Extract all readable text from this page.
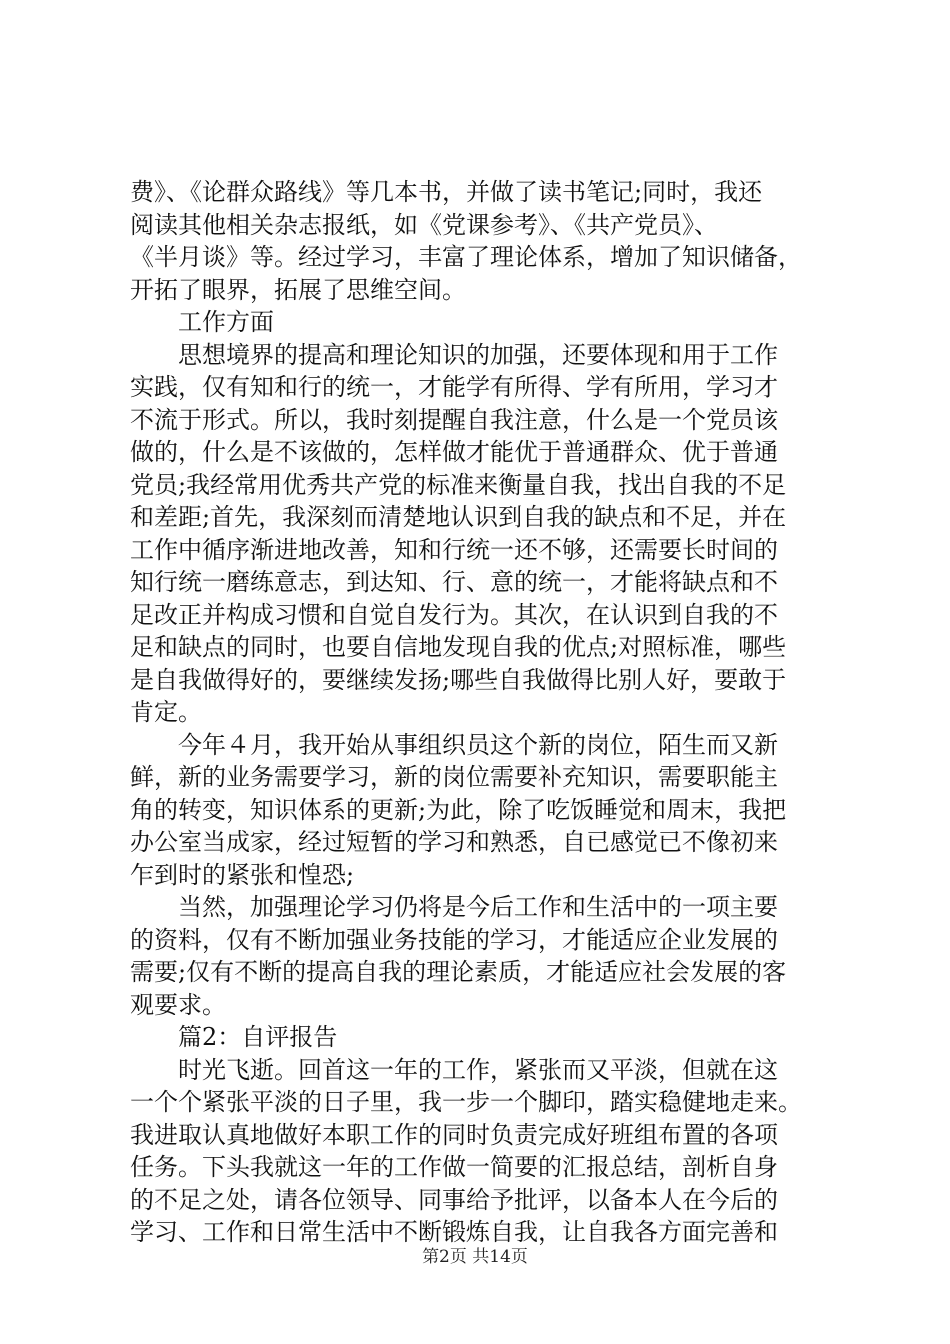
费》、《论群众路线》等几本书，并做了读书笔记;同时，我还
阅读其他相关杂志报纸，如《党课参考》、《共产党员》、
《半月谈》等。经过学习，丰富了理论体系，增加了知识储备，
开拓了眼界，拓展了思维空间。
工作方面
思想境界的提高和理论知识的加强，还要体现和用于工作
实践，仅有知和行的统一，才能学有所得、学有所用，学习才
不流于形式。所以，我时刻提醒自我注意，什么是一个党员该
做的，什么是不该做的，怎样做才能优于普通群众、优于普通
党员;我经常用优秀共产党的标准来衡量自我，找出自我的不足
和差距;首先，我深刻而清楚地认识到自我的缺点和不足，并在
工作中循序渐进地改善，知和行统一还不够，还需要长时间的
知行统一磨练意志，到达知、行、意的统一，才能将缺点和不
足改正并构成习惯和自觉自发行为。其次，在认识到自我的不
足和缺点的同时，也要自信地发现自我的优点;对照标准，哪些
是自我做得好的，要继续发扬;哪些自我做得比别人好，要敢于
肯定。
今年４月，我开始从事组织员这个新的岗位，陌生而又新
鲜，新的业务需要学习，新的岗位需要补充知识，需要职能主
角的转变，知识体系的更新;为此，除了吃饭睡觉和周末，我把
办公室当成家，经过短暂的学习和熟悉，自已感觉已不像初来
乍到时的紧张和惶恐;
当然，加强理论学习仍将是今后工作和生活中的一项主要
的资料，仅有不断加强业务技能的学习，才能适应企业发展的
需要;仅有不断的提高自我的理论素质，才能适应社会发展的客
观要求。
篇2：自评报告
时光飞逝。回首这一年的工作，紧张而又平淡，但就在这
一个个紧张平淡的日子里，我一步一个脚印，踏实稳健地走来。
我进取认真地做好本职工作的同时负责完成好班组布置的各项
任务。下头我就这一年的工作做一简要的汇报总结，剖析自身
的不足之处，请各位领导、同事给予批评，以备本人在今后的
学习、工作和日常生活中不断锻炼自我，让自我各方面完善和
第2页 共14页
